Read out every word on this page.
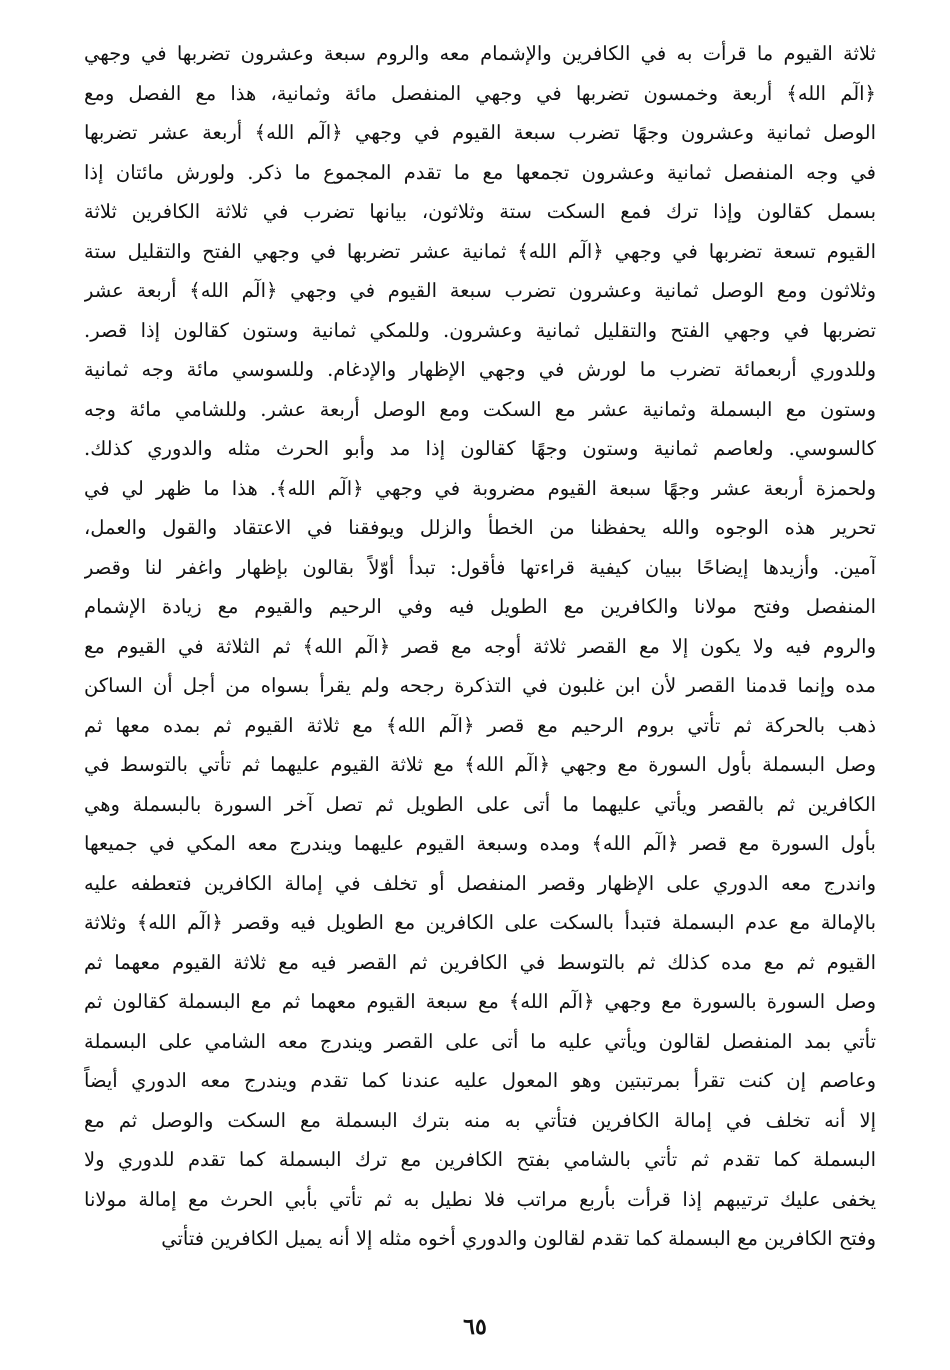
ثلاثة القيوم ما قرأت به في الكافرين والإشمام معه والروم سبعة وعشرون تضربها في وجهي
﴿الٓم الله﴾ أربعة وخمسون تضربها في وجهي المنفصل مائة وثمانية، هذا مع الفصل ومع
الوصل ثمانية وعشرون وجهًا تضرب سبعة القيوم في وجهي ﴿الٓم الله﴾ أربعة عشر تضربها
في وجه المنفصل ثمانية وعشرون تجمعها مع ما تقدم المجموع ما ذكر. ولورش مائتان إذا
بسمل كقالون وإذا ترك فمع السكت ستة وثلاثون، بيانها تضرب في ثلاثة الكافرين ثلاثة
القيوم تسعة تضربها في وجهي ﴿الٓم الله﴾ ثمانية عشر تضربها في وجهي الفتح والتقليل ستة
وثلاثون ومع الوصل ثمانية وعشرون تضرب سبعة القيوم في وجهي ﴿الٓم الله﴾ أربعة عشر
تضربها في وجهي الفتح والتقليل ثمانية وعشرون. وللمكي ثمانية وستون كقالون إذا قصر.
وللدوري أربعمائة تضرب ما لورش في وجهي الإظهار والإدغام. وللسوسي مائة وجه ثمانية
وستون مع البسملة وثمانية عشر مع السكت ومع الوصل أربعة عشر. وللشامي مائة وجه
كالسوسي. ولعاصم ثمانية وستون وجهًا كقالون إذا مد وأبو الحرث مثله والدوري كذلك.
ولحمزة أربعة عشر وجهًا سبعة القيوم مضروبة في وجهي ﴿الٓم الله﴾. هذا ما ظهر لي في
تحرير هذه الوجوه والله يحفظنا من الخطأ والزلل ويوفقنا في الاعتقاد والقول والعمل،
آمين. وأزيدها إيضاحًا ببيان كيفية قراءتها فأقول: تبدأ أوّلاً بقالون بإظهار واغفر لنا وقصر
المنفصل وفتح مولانا والكافرين مع الطويل فيه وفي الرحيم والقيوم مع زيادة الإشمام
والروم فيه ولا يكون إلا مع القصر ثلاثة أوجه مع قصر ﴿الٓم الله﴾ ثم الثلاثة في القيوم مع
مده وإنما قدمنا القصر لأن ابن غلبون في التذكرة رجحه ولم يقرأ بسواه من أجل أن الساكن
ذهب بالحركة ثم تأتي بروم الرحيم مع قصر ﴿الٓم الله﴾ مع ثلاثة القيوم ثم بمده معها ثم
وصل البسملة بأول السورة مع وجهي ﴿الٓم الله﴾ مع ثلاثة القيوم عليهما ثم تأتي بالتوسط في
الكافرين ثم بالقصر ويأتي عليهما ما أتى على الطويل ثم تصل آخر السورة بالبسملة وهي
بأول السورة مع قصر ﴿الٓم الله﴾ ومده وسبعة القيوم عليهما ويندرج معه المكي في جميعها
واندرج معه الدوري على الإظهار وقصر المنفصل أو تخلف في إمالة الكافرين فتعطفه عليه
بالإمالة مع عدم البسملة فتبدأ بالسكت على الكافرين مع الطويل فيه وقصر ﴿الٓم الله﴾ وثلاثة
القيوم ثم مع مده كذلك ثم بالتوسط في الكافرين ثم القصر فيه مع ثلاثة القيوم معهما ثم
وصل السورة بالسورة مع وجهي ﴿الٓم الله﴾ مع سبعة القيوم معهما ثم مع البسملة كقالون ثم
تأتي بمد المنفصل لقالون ويأتي عليه ما أتى على القصر ويندرج معه الشامي على البسملة
وعاصم إن كنت تقرأ بمرتبتين وهو المعول عليه عندنا كما تقدم ويندرج معه الدوري أيضاً
إلا أنه تخلف في إمالة الكافرين فتأتي به منه بترك البسملة مع السكت والوصل ثم مع
البسملة كما تقدم ثم تأتي بالشامي بفتح الكافرين مع ترك البسملة كما تقدم للدوري ولا
يخفى عليك ترتيبهم إذا قرأت بأربع مراتب فلا نطيل به ثم تأتي بأبي الحرث مع إمالة مولانا
وفتح الكافرين مع البسملة كما تقدم لقالون والدوري أخوه مثله إلا أنه يميل الكافرين فتأتي
٦٥
